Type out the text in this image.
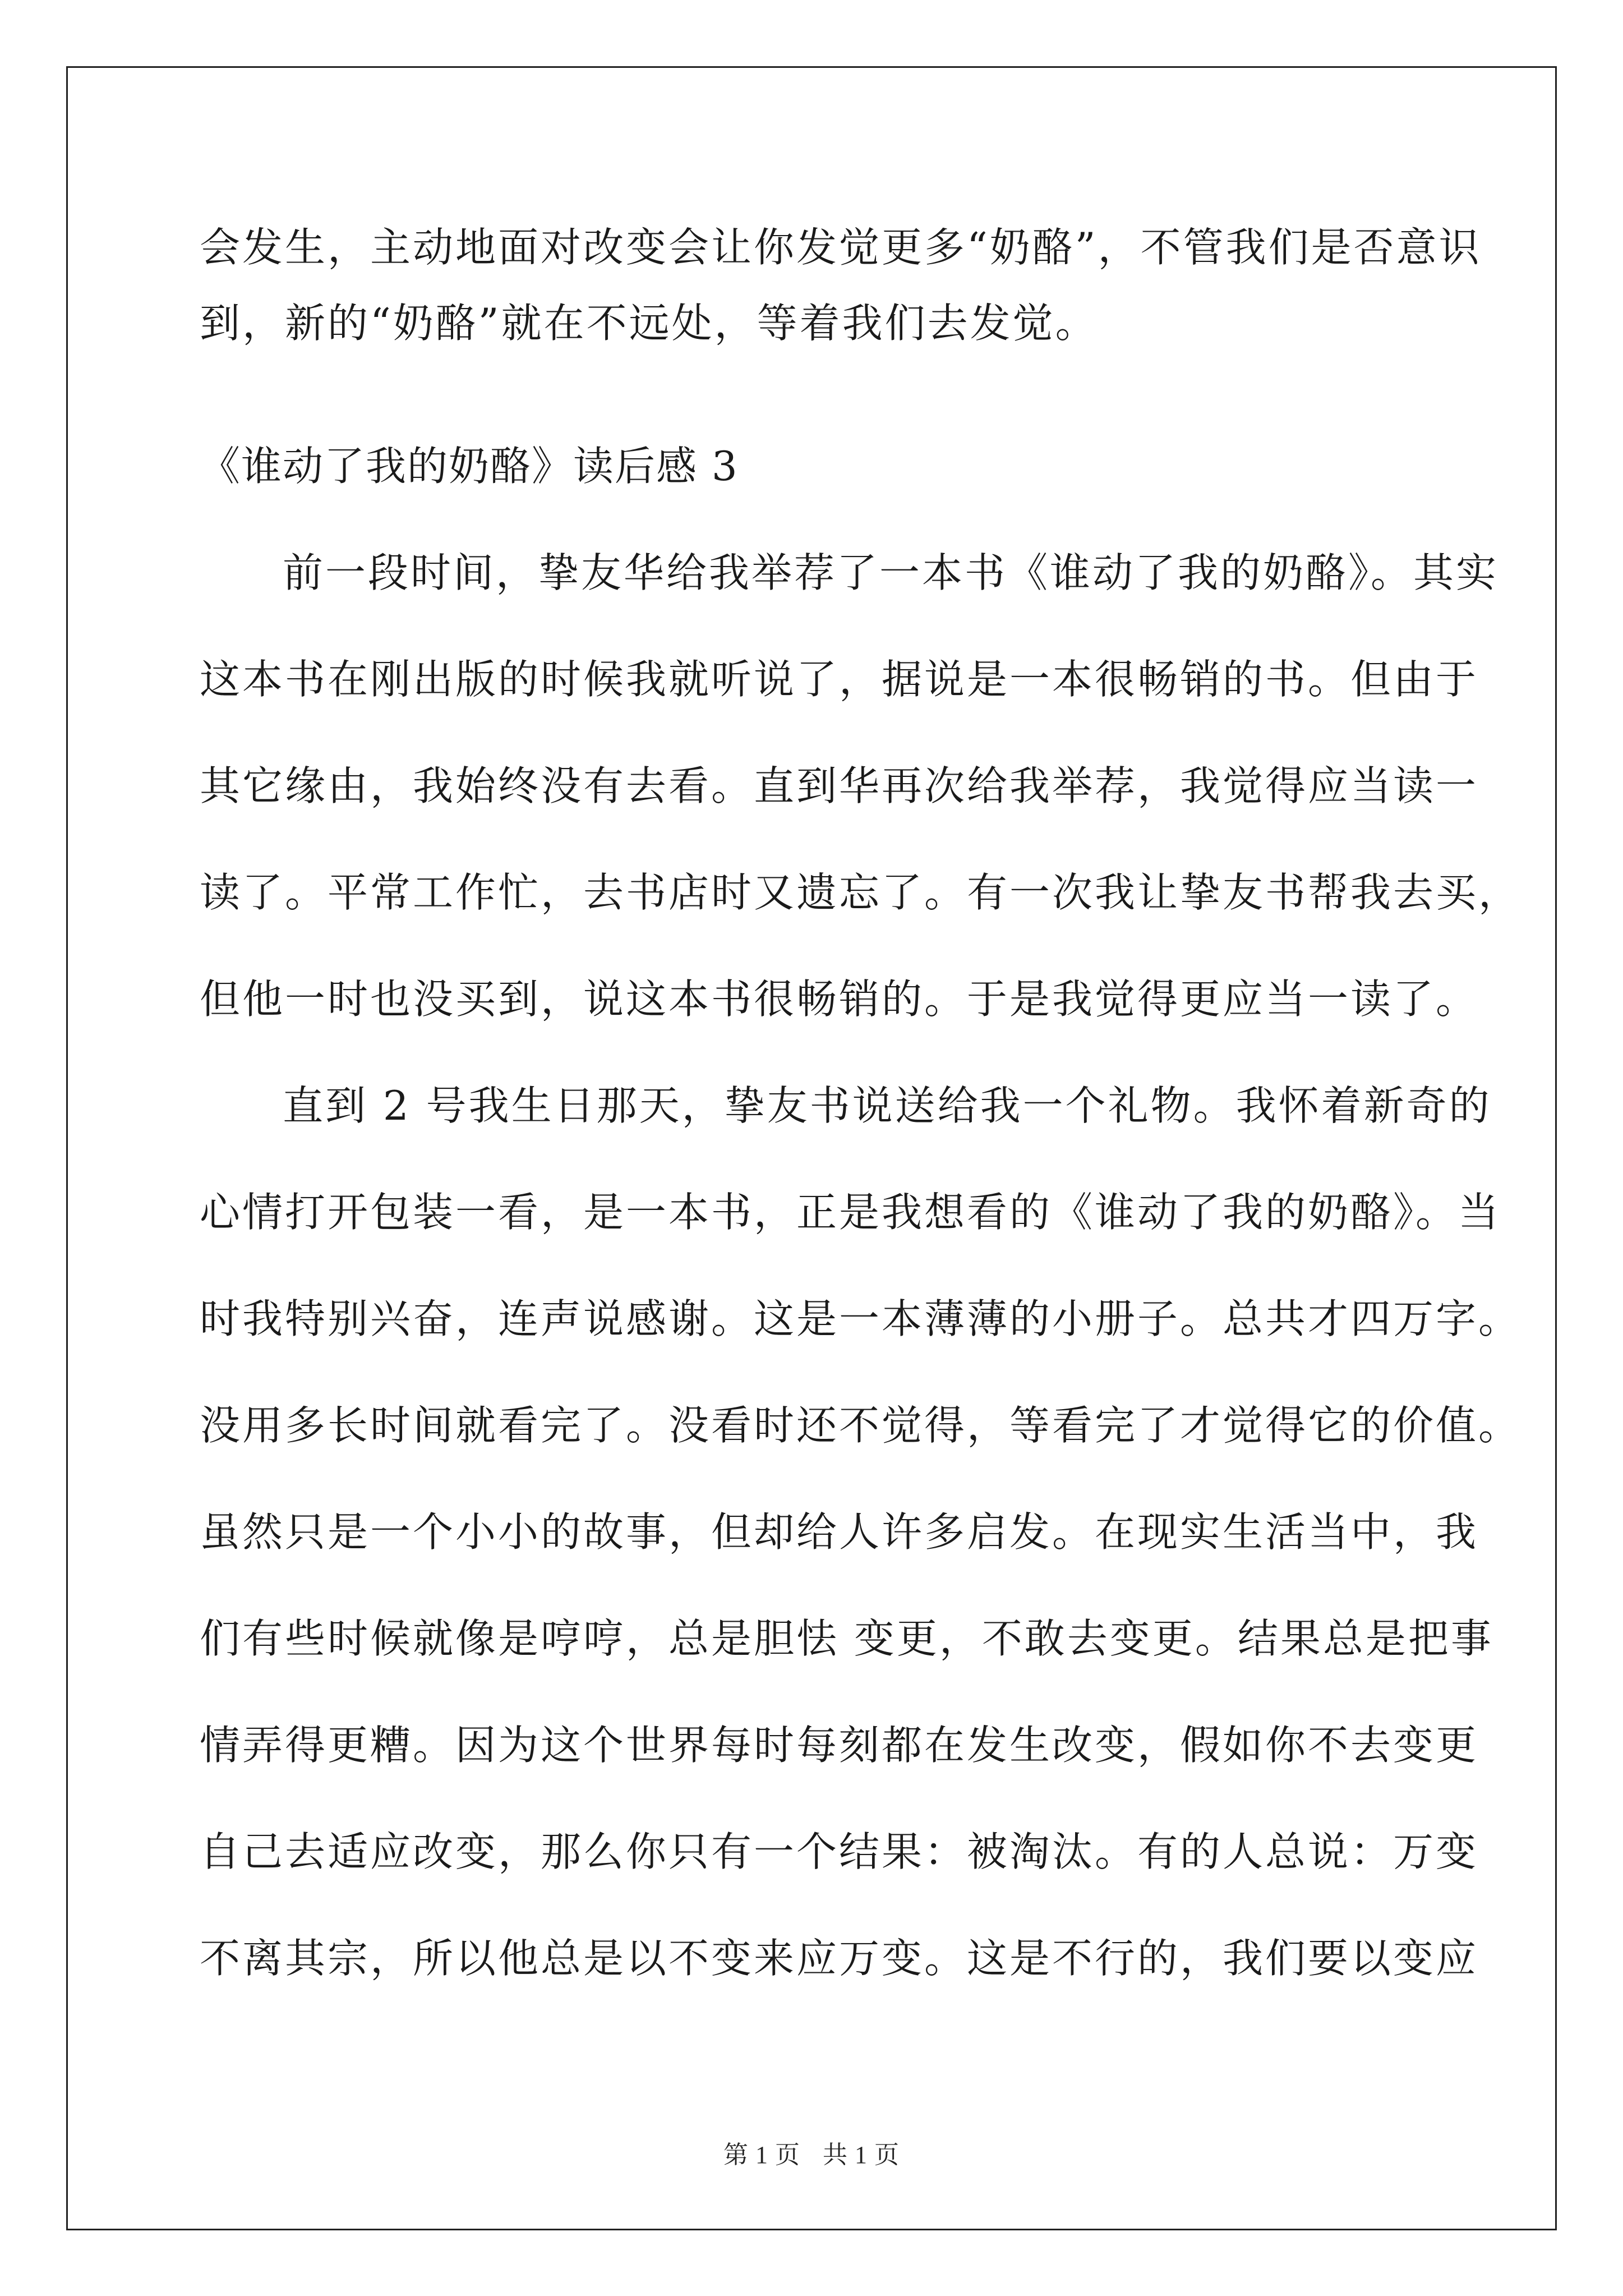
会发生，主动地面对改变会让你发觉更多“奶酪”，不管我们是否意识
到，新的“奶酪”就在不远处，等着我们去发觉。
《谁动了我的奶酪》读后感 3
前一段时间，挚友华给我举荐了一本书《谁动了我的奶酪》。其实
这本书在刚出版的时候我就听说了，据说是一本很畅销的书。但由于
其它缘由，我始终没有去看。直到华再次给我举荐，我觉得应当读一
读了。平常工作忙，去书店时又遗忘了。有一次我让挚友书帮我去买，
但他一时也没买到，说这本书很畅销的。于是我觉得更应当一读了。
直到 2 号我生日那天，挚友书说送给我一个礼物。我怀着新奇的
心情打开包装一看，是一本书，正是我想看的《谁动了我的奶酪》。当
时我特别兴奋，连声说感谢。这是一本薄薄的小册子。总共才四万字。
没用多长时间就看完了。没看时还不觉得，等看完了才觉得它的价值。
虽然只是一个小小的故事，但却给人许多启发。在现实生活当中，我
们有些时候就像是哼哼，总是胆怯 变更，不敢去变更。结果总是把事
情弄得更糟。因为这个世界每时每刻都在发生改变，假如你不去变更
自己去适应改变，那么你只有一个结果：被淘汰。有的人总说：万变
不离其宗，所以他总是以不变来应万变。这是不行的，我们要以变应
第 1 页 共 1 页
